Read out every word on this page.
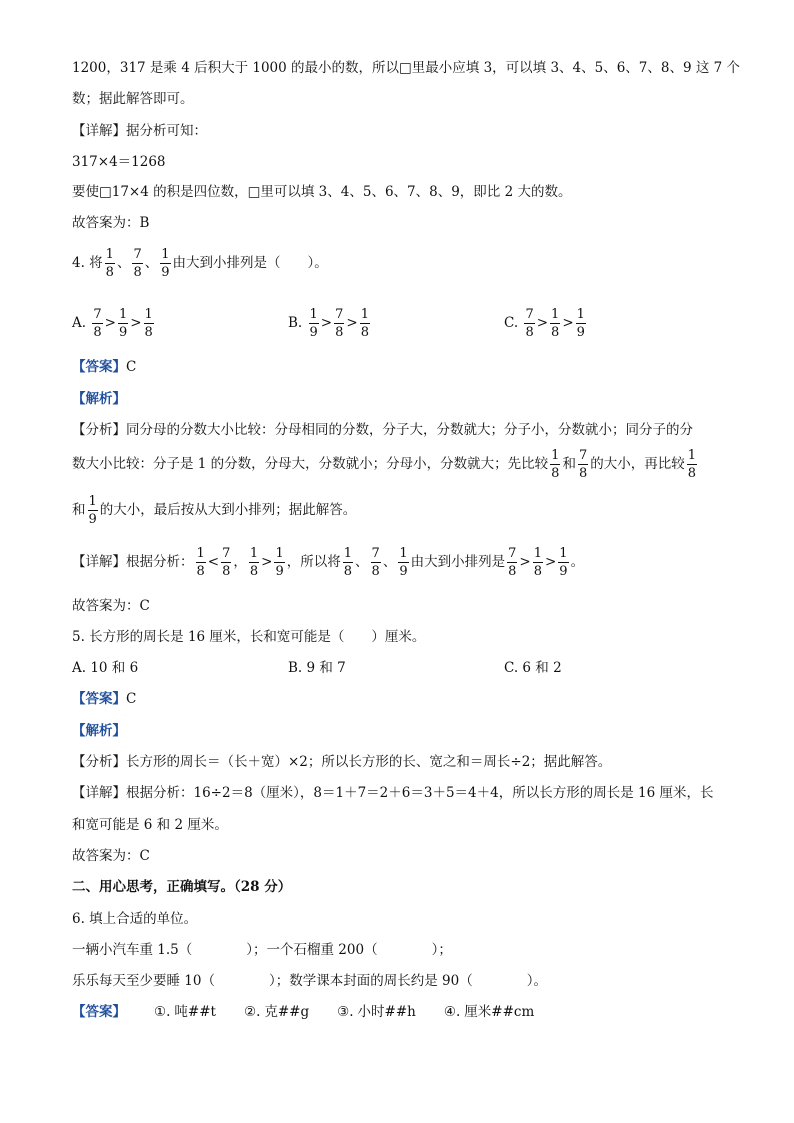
1200，317 是乘 4 后积大于 1000 的最小的数，所以□里最小应填 3，可以填 3、4、5、6、7、8、9 这 7 个
数；据此解答即可。
【详解】据分析可知：
317×4＝1268
要使□17×4 的积是四位数，□里可以填 3、4、5、6、7、8、9，即比 2 大的数。
故答案为：B
4. 将 $\frac{1}{8}$ 、 $\frac{7}{8}$ 、 $\frac{1}{9}$ 由大到小排列是（　　）。
A. $\frac{7}{8} > \frac{1}{9} > \frac{1}{8}$	B. $\frac{1}{9} > \frac{7}{8} > \frac{1}{8}$	C. $\frac{7}{8} > \frac{1}{8} > \frac{1}{9}$
【答案】C
【解析】
【分析】同分母的分数大小比较：分母相同的分数，分子大，分数就大；分子小，分数就小；同分子的分
数大小比较：分子是 1 的分数，分母大，分数就小；分母小，分数就大；先比较 $\frac{1}{8}$ 和 $\frac{7}{8}$ 的大小，再比较 $\frac{1}{8}$
和 $\frac{1}{9}$ 的大小，最后按从大到小排列；据此解答。
【详解】根据分析： $\frac{1}{8} < \frac{7}{8}$ ， $\frac{1}{8} > \frac{1}{9}$ ，所以将 $\frac{1}{8}$ 、 $\frac{7}{8}$ 、 $\frac{1}{9}$ 由大到小排列是 $\frac{7}{8} > \frac{1}{8} > \frac{1}{9}$ 。
故答案为：C
5. 长方形的周长是 16 厘米，长和宽可能是（　　）厘米。
A. 10 和 6	B. 9 和 7	C. 6 和 2
【答案】C
【解析】
【分析】长方形的周长＝（长＋宽）×2；所以长方形的长、宽之和＝周长÷2；据此解答。
【详解】根据分析：16÷2＝8（厘米），8＝1＋7＝2＋6＝3＋5＝4＋4，所以长方形的周长是 16 厘米，长
和宽可能是 6 和 2 厘米。
故答案为：C
二、用心思考，正确填写。（28 分）
6. 填上合适的单位。
一辆小汽车重 1.5（　　　　）；一个石榴重 200（　　　　）；
乐乐每天至少要睡 10（　　　　）；数学课本封面的周长约是 90（　　　　）。
【答案】 ①. 吨##t ②. 克##g ③. 小时##h ④. 厘米##cm
